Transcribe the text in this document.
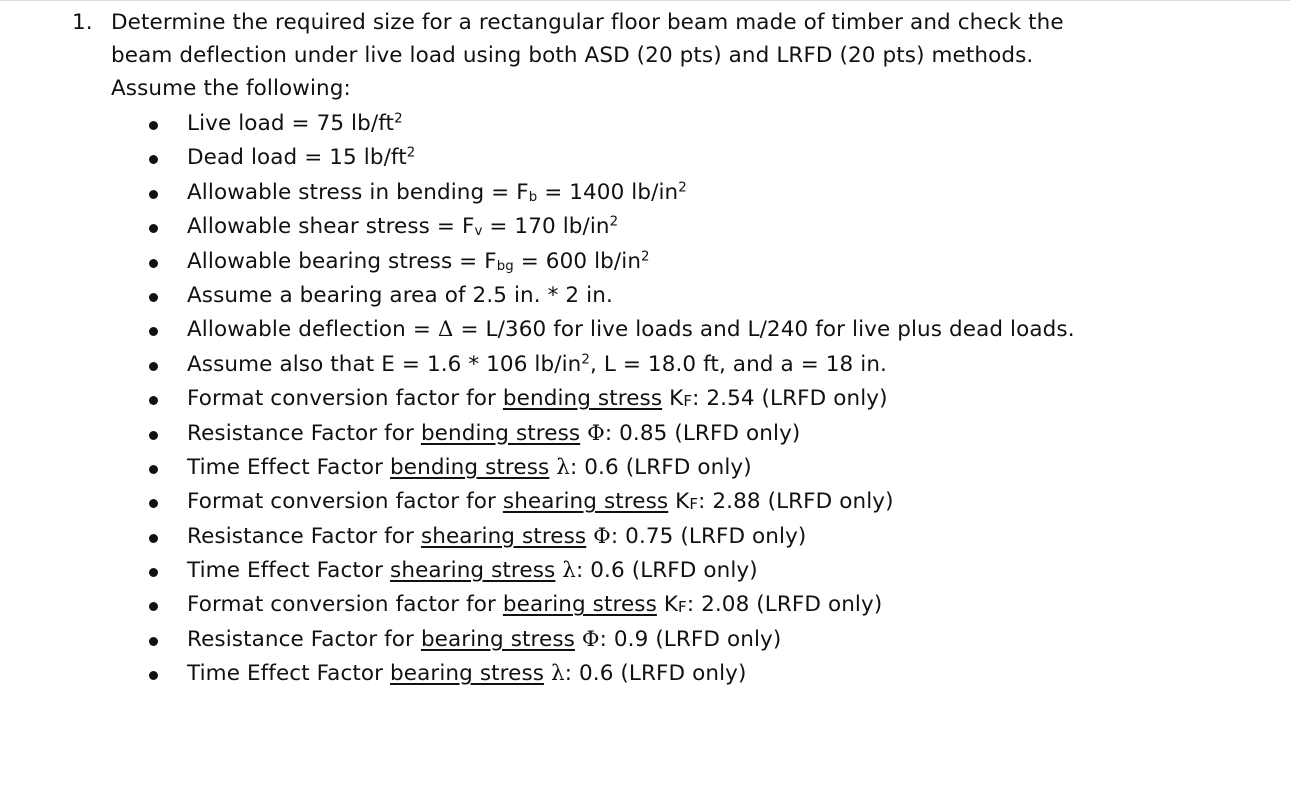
1. Determine the required size for a rectangular floor beam made of timber and check the
beam deflection under live load using both ASD (20 pts) and LRFD (20 pts) methods.
Assume the following:
Live load = 75 $lb/ft^2$
Dead load = 15 $lb/ft^2$
Allowable stress in bending = $F_b = 1400$ $lb/in^2$
Allowable shear stress = $F_v = 170$ $lb/in^2$
Allowable bearing stress = $F_{bg} = 600$ $lb/in^2$
Assume a bearing area of 2.5 in. * 2 in.
Allowable deflection = Δ = L/360 for live loads and L/240 for live plus dead loads.
Assume also that E = 1.6 * 106 $lb/in^2$, L = 18.0 ft, and a = 18 in.
Format conversion factor for bending stress KF: 2.54 (LRFD only)
Resistance Factor for bending stress Φ: 0.85 (LRFD only)
Time Effect Factor bending stress λ: 0.6 (LRFD only)
Format conversion factor for shearing stress KF: 2.88 (LRFD only)
Resistance Factor for shearing stress Φ: 0.75 (LRFD only)
Time Effect Factor shearing stress λ: 0.6 (LRFD only)
Format conversion factor for bearing stress KF: 2.08 (LRFD only)
Resistance Factor for bearing stress Φ: 0.9 (LRFD only)
Time Effect Factor bearing stress λ: 0.6 (LRFD only)
